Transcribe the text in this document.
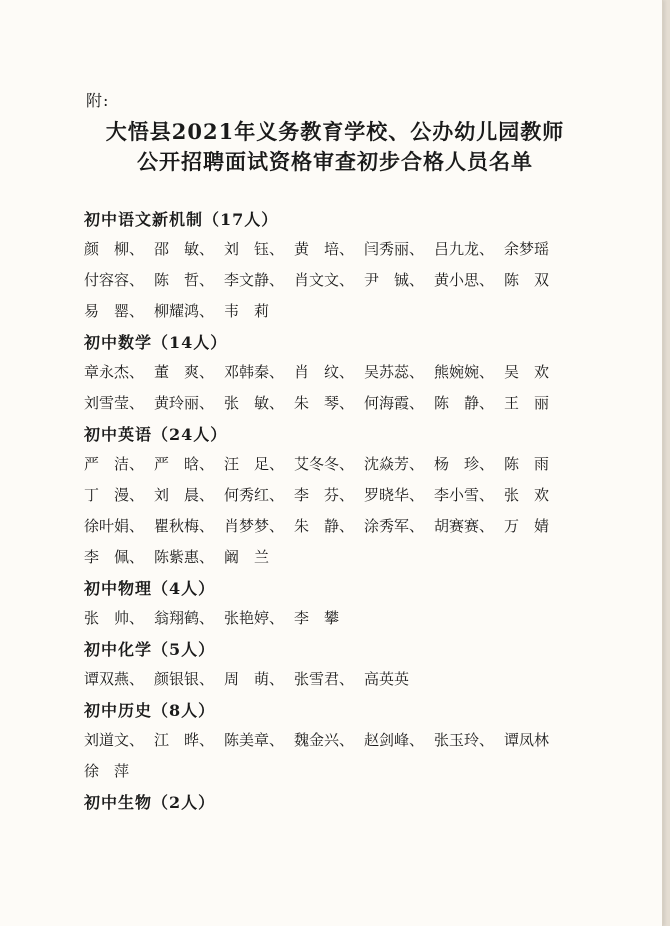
附:
大悟县2021年义务教育学校、公办幼儿园教师
公开招聘面试资格审查初步合格人员名单
初中语文新机制（17人）
颜　柳、 邵　敏、 刘　钰、 黄　培、 闫秀丽、 吕九龙、 余梦瑶
付容容、 陈　哲、 李文静、 肖文文、 尹　铖、 黄小思、 陈　双
易　罂、 柳耀鸿、 韦　莉
初中数学（14人）
章永杰、 董　爽、 邓韩秦、 肖　纹、 吴苏蕊、 熊婉婉、 吴　欢
刘雪莹、 黄玲丽、 张　敏、 朱　琴、 何海霞、 陈　静、 王　丽
初中英语（24人）
严　洁、 严　晗、 汪　足、 艾冬冬、 沈焱芳、 杨　珍、 陈　雨
丁　漫、 刘　晨、 何秀红、 李　芬、 罗晓华、 李小雪、 张　欢
徐叶娟、 瞿秋梅、 肖梦梦、 朱　静、 涂秀军、 胡赛赛、 万　婧
李　佩、 陈紫惠、 阚　兰
初中物理（4人）
张　帅、 翁翔鹤、 张艳婷、 李　攀
初中化学（5人）
谭双燕、 颜银银、 周　萌、 张雪君、 高英英
初中历史（8人）
刘道文、 江　晔、 陈美章、 魏金兴、 赵剑峰、 张玉玲、 谭凤林
徐　萍
初中生物（2人）
